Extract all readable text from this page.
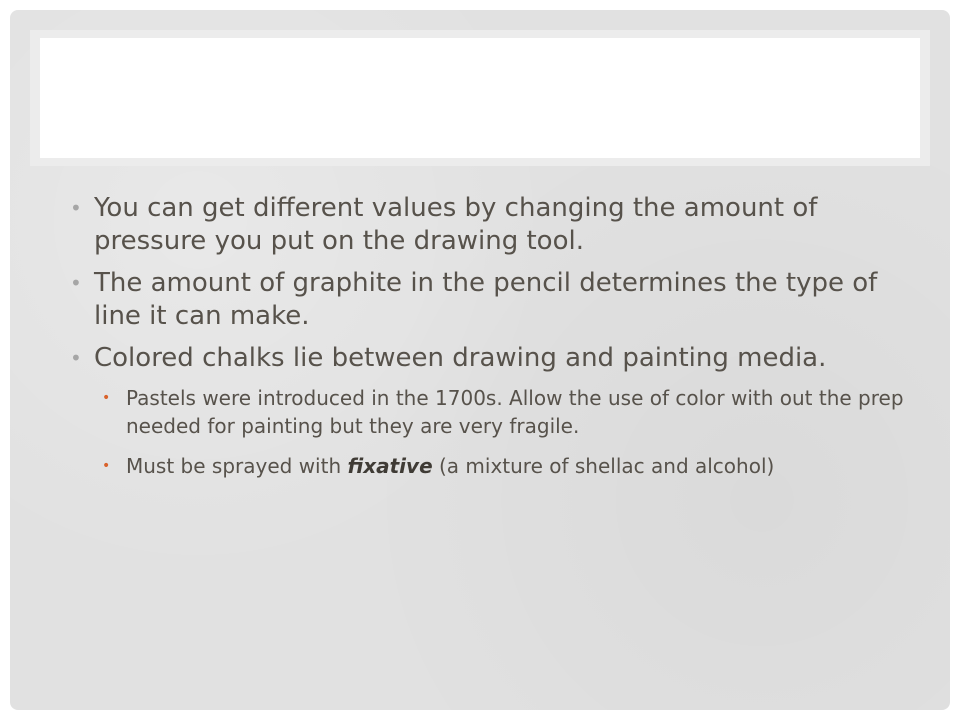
• You can get different values by changing the amount of pressure you put on the drawing tool.
• The amount of graphite in the pencil determines the type of line it can make.
• Colored chalks lie between drawing and painting media.
• Pastels were introduced in the 1700s. Allow the use of color with out the prep needed for painting but they are very fragile.
• Must be sprayed with fixative (a mixture of shellac and alcohol)
